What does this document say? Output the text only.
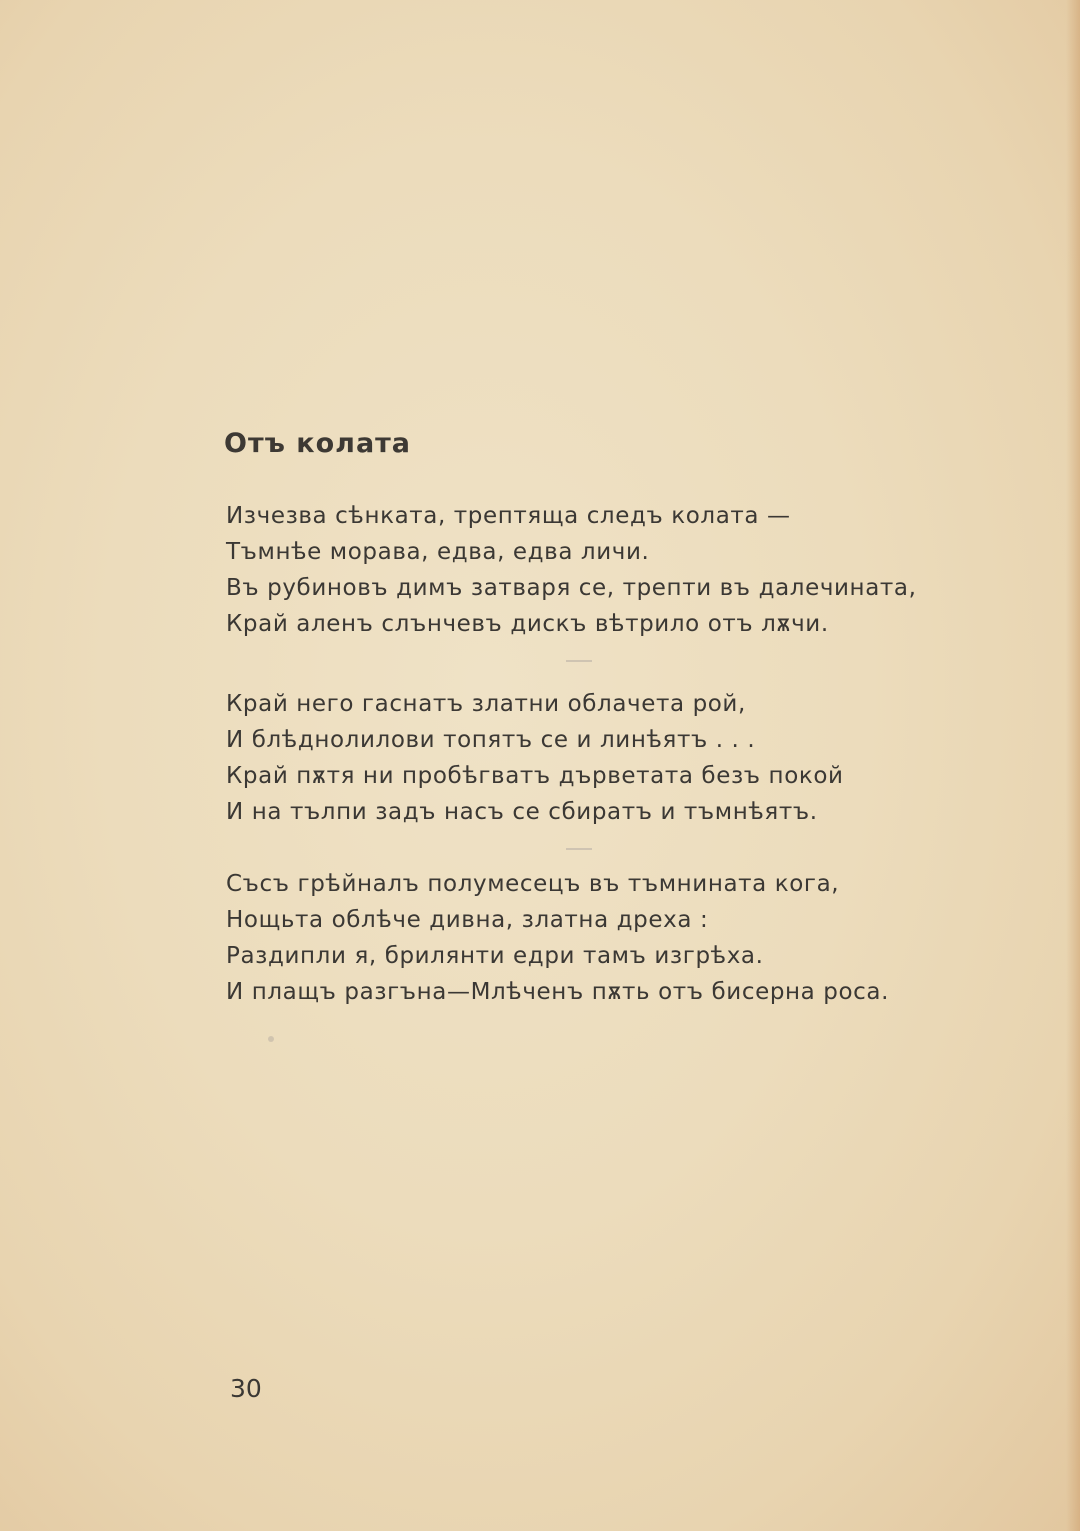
Отъ колата
Изчезва сѣнката, трептяща следъ колата —
Тъмнѣе морава, едва, едва личи.
Въ рубиновъ димъ затваря се, трепти въ далечината,
Край аленъ слънчевъ дискъ вѣтрило отъ лѫчи.
Край него гаснатъ златни облачета рой,
И блѣднолилови топятъ се и линѣятъ . . .
Край пѫтя ни пробѣгватъ дърветата безъ покой
И на тълпи задъ насъ се сбиратъ и тъмнѣятъ.
Съсъ грѣйналъ полумесецъ въ тъмнината кога,
Нощьта облѣче дивна, златна дреха :
Раздипли я, брилянти едри тамъ изгрѣха.
И плащъ разгъна—Млѣченъ пѫть отъ бисерна роса.
30
